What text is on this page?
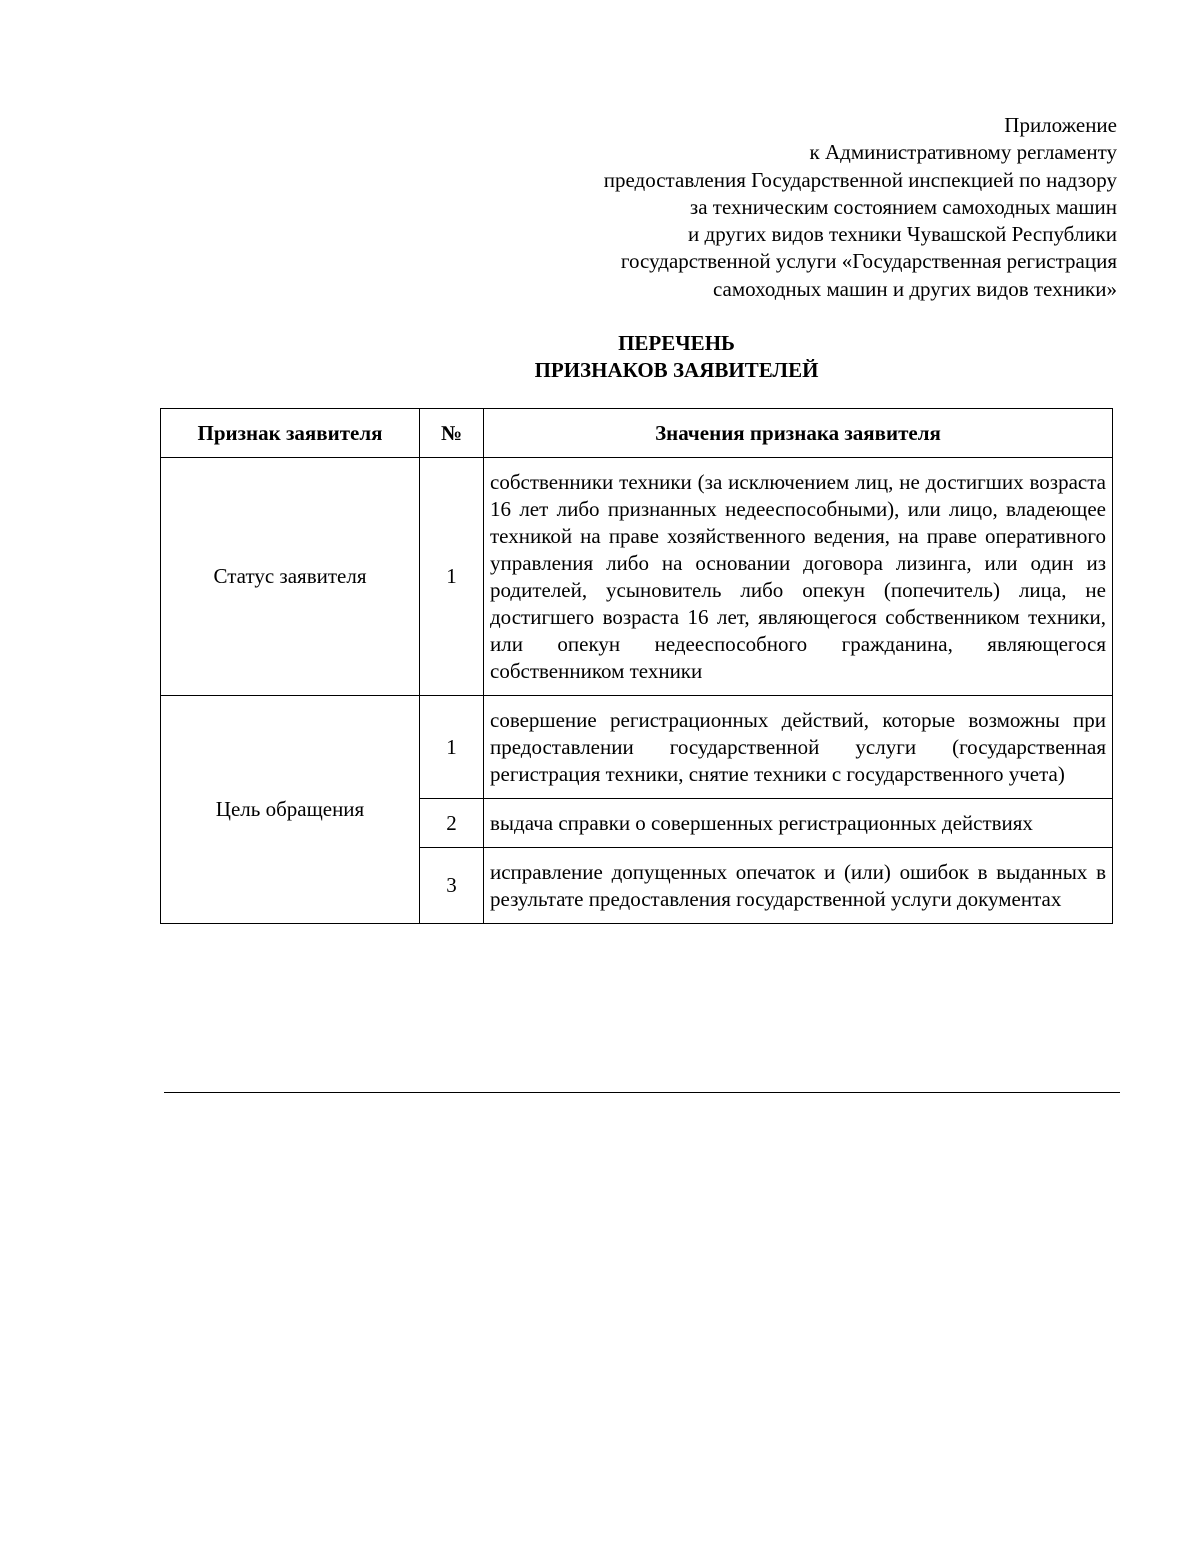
Приложение
к Административному регламенту
предоставления Государственной инспекцией по надзору
за техническим состоянием самоходных машин
и других видов техники Чувашской Республики
государственной услуги «Государственная регистрация
самоходных машин и других видов техники»
ПЕРЕЧЕНЬ
ПРИЗНАКОВ ЗАЯВИТЕЛЕЙ
Признак заявителя	№	Значения признака заявителя
Статус заявителя	1	собственники техники (за исключением лиц, не достигших возраста 16 лет либо признанных недееспособными), или лицо, владеющее техникой на праве хозяйственного ведения, на праве оперативного управления либо на основании договора лизинга, или один из родителей, усыновитель либо опекун (попечитель) лица, не достигшего возраста 16 лет, являющегося собственником техники, или опекун недееспособного гражданина, являющегося собственником техники
Цель обращения	1	совершение регистрационных действий, которые возможны при предоставлении государственной услуги (государственная регистрация техники, снятие техники с государственного учета)
	2	выдача справки о совершенных регистрационных действиях
	3	исправление допущенных опечаток и (или) ошибок в выданных в результате предоставления государственной услуги документах
